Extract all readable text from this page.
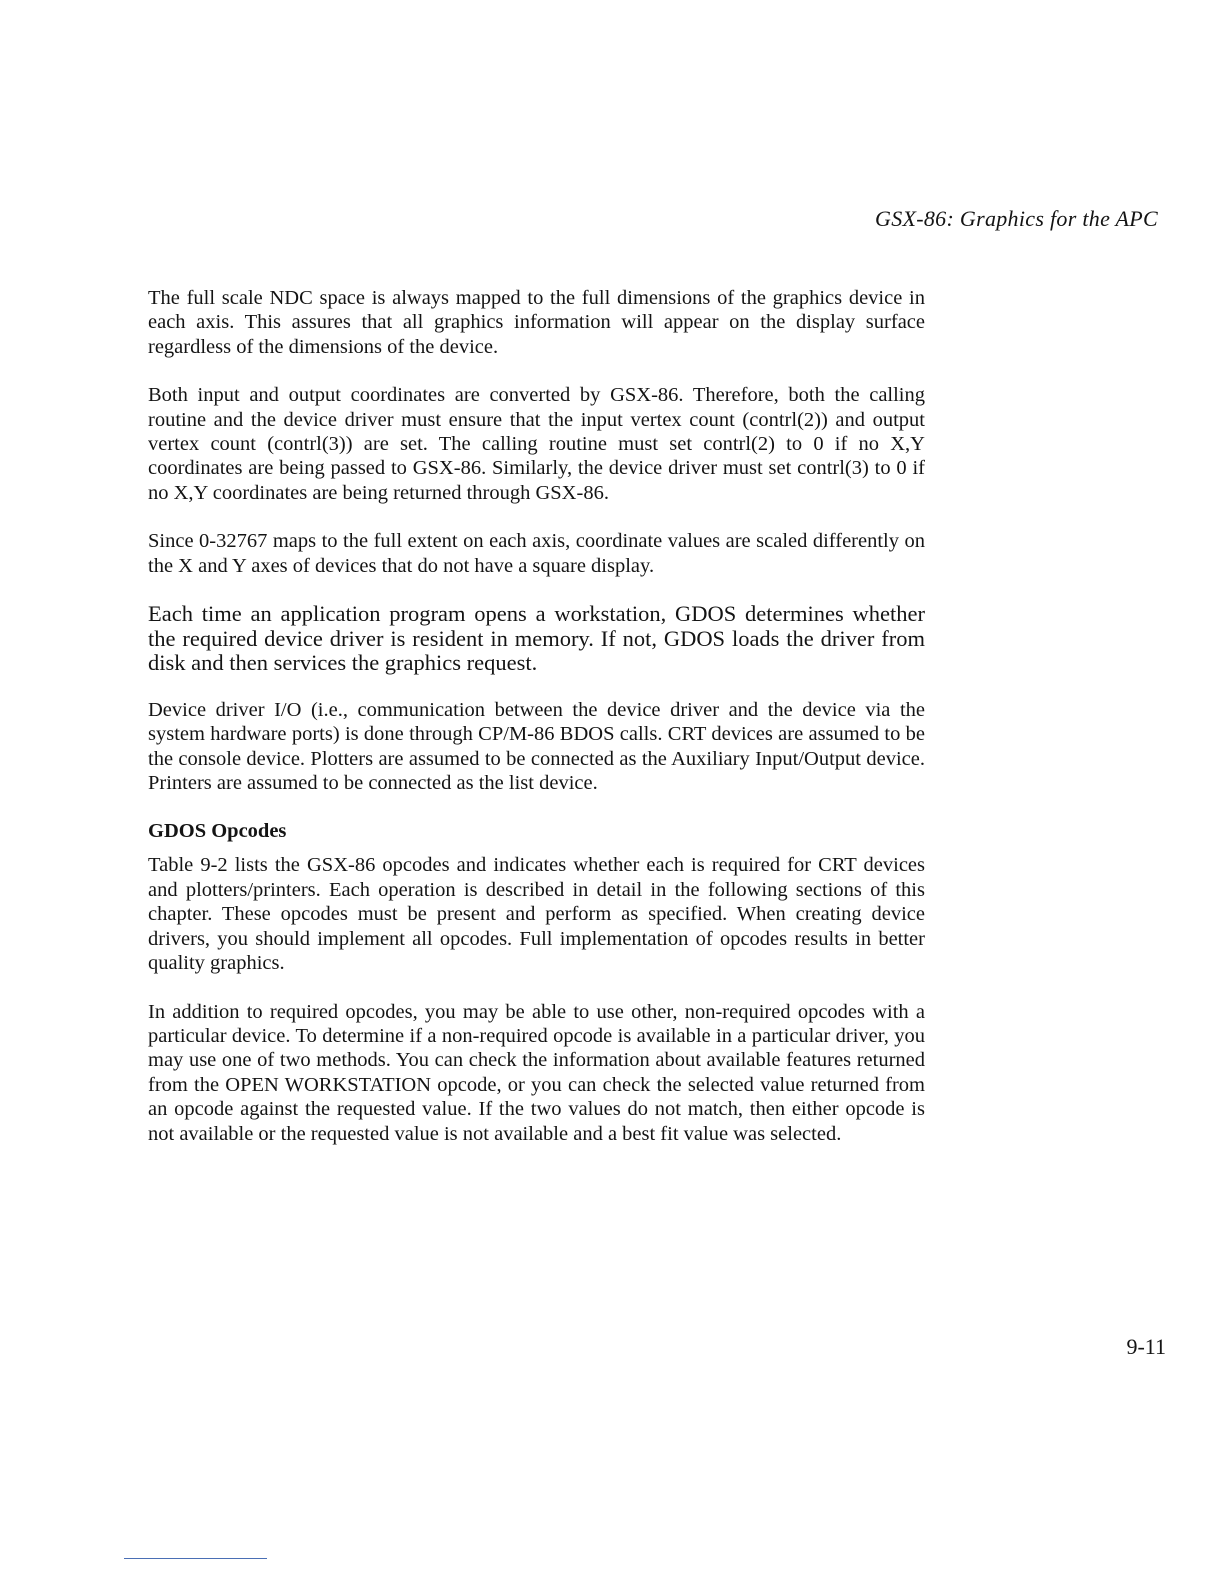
GSX-86: Graphics for the APC

The full scale NDC space is always mapped to the full dimensions of the graphics device in each axis. This assures that all graphics information will appear on the display surface regardless of the dimensions of the device.

Both input and output coordinates are converted by GSX-86. Therefore, both the calling routine and the device driver must ensure that the input vertex count (contrl(2)) and output vertex count (contrl(3)) are set. The calling routine must set contrl(2) to 0 if no X,Y coordinates are being passed to GSX-86. Similarly, the device driver must set contrl(3) to 0 if no X,Y coordinates are being returned through GSX-86.

Since 0-32767 maps to the full extent on each axis, coordinate values are scaled differently on the X and Y axes of devices that do not have a square display.

Each time an application program opens a workstation, GDOS determines whether the required device driver is resident in memory. If not, GDOS loads the driver from disk and then services the graphics request.

Device driver I/O (i.e., communication between the device driver and the device via the system hardware ports) is done through CP/M-86 BDOS calls. CRT devices are assumed to be the console device. Plotters are assumed to be connected as the Auxiliary Input/Output device. Printers are assumed to be connected as the list device.

GDOS Opcodes

Table 9-2 lists the GSX-86 opcodes and indicates whether each is required for CRT devices and plotters/printers. Each operation is described in detail in the following sections of this chapter. These opcodes must be present and perform as specified. When creating device drivers, you should implement all opcodes. Full implementation of opcodes results in better quality graphics.

In addition to required opcodes, you may be able to use other, non-required opcodes with a particular device. To determine if a non-required opcode is available in a particular driver, you may use one of two methods. You can check the information about available features returned from the OPEN WORKSTATION opcode, or you can check the selected value returned from an opcode against the requested value. If the two values do not match, then either opcode is not available or the requested value is not available and a best fit value was selected.

9-11
